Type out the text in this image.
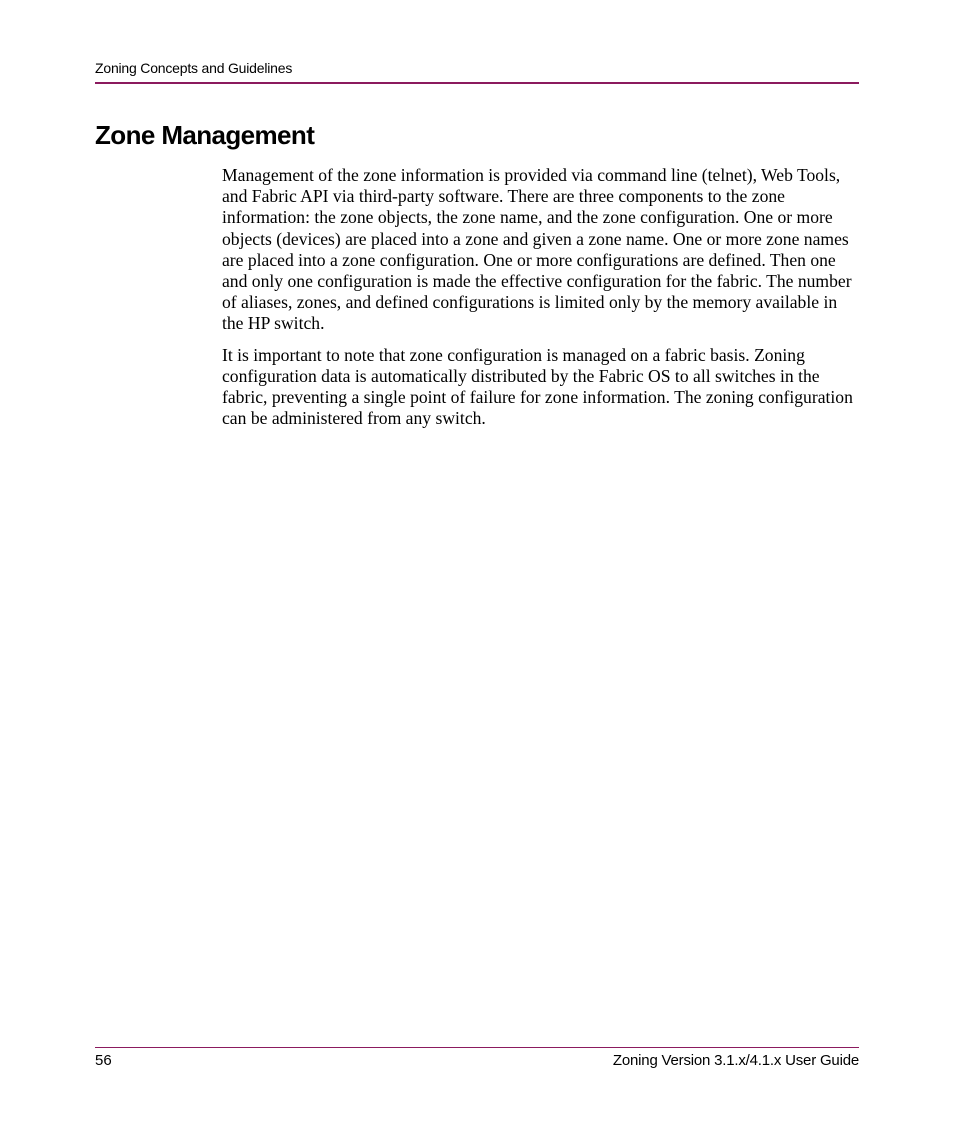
Zoning Concepts and Guidelines
Zone Management

Management of the zone information is provided via command line (telnet), Web Tools, and Fabric API via third-party software. There are three components to the zone information: the zone objects, the zone name, and the zone configuration. One or more objects (devices) are placed into a zone and given a zone name. One or more zone names are placed into a zone configuration. One or more configurations are defined. Then one and only one configuration is made the effective configuration for the fabric. The number of aliases, zones, and defined configurations is limited only by the memory available in the HP switch.

It is important to note that zone configuration is managed on a fabric basis. Zoning configuration data is automatically distributed by the Fabric OS to all switches in the fabric, preventing a single point of failure for zone information. The zoning configuration can be administered from any switch.

56	Zoning Version 3.1.x/4.1.x User Guide
